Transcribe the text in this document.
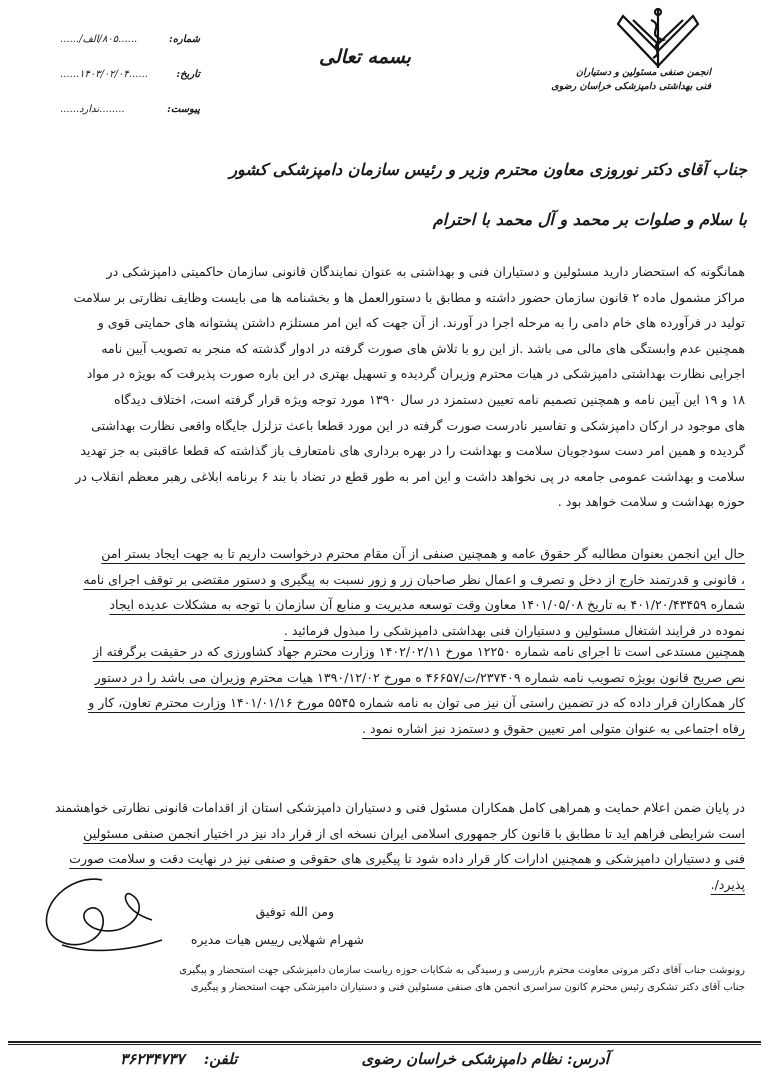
انجمن صنفی مسئولین و دستیاران
فنی بهداشتی دامپزشکی خراسان رضوی
بسمه تعالی
شماره:
......۸۰۵/الف/......
تاریخ:
......۱۴۰۳/۰۲/۰۴......
پیوست:
........ندارد......
جناب آقای دکتر نوروزی معاون محترم وزیر و رئیس سازمان دامپزشکی کشور
با سلام و صلوات بر محمد و آل محمد با احترام
همانگونه که استحضار دارید مسئولین و دستیاران فنی و بهداشتی به عنوان نمایندگان قانونی سازمان حاکمیتی دامپزشکی در
مراکز مشمول ماده ۲ قانون سازمان حضور داشته و مطابق با دستورالعمل ها و بخشنامه ها می بایست وظایف نظارتی بر سلامت
تولید در فرآورده های خام دامی را به مرحله اجرا در آورند. از آن جهت که این امر مستلزم داشتن پشتوانه های حمایتی قوی و
همچنین عدم وابستگی های مالی می باشد .از این رو با تلاش های صورت گرفته در ادوار گذشته که منجر به تصویب آیین نامه
اجرایی نظارت بهداشتی دامپزشکی در هیات محترم وزیران گردیده و تسهیل بهتری در این باره صورت پذیرفت که بویژه در مواد
۱۸ و ۱۹ این آیین نامه و همچنین تصمیم نامه تعیین دستمزد در سال ۱۳۹۰ مورد توجه ویژه قرار گرفته است، اختلاف دیدگاه
های موجود در ارکان دامپزشکی و تفاسیر نادرست صورت گرفته در این مورد قطعا باعث تزلزل جایگاه واقعی نظارت بهداشتی
گردیده و همین امر دست سودجویان سلامت و بهداشت را در بهره برداری های نامتعارف باز گذاشته که قطعا عاقبتی به جز تهدید
سلامت و بهداشت عمومی جامعه در پی نخواهد داشت و این امر به طور قطع در تضاد با بند ۶ برنامه ابلاغی رهبر معظم انقلاب در
حوزه بهداشت و سلامت خواهد بود .
حال این انجمن بعنوان مطالبه گر حقوق عامه و همچنین صنفی از آن مقام محترم درخواست داریم تا به جهت ایجاد بستر امن
، قانونی و قدرتمند خارج از دخل و تصرف و اعمال نظر صاحبان زر و زور نسبت به پیگیری و دستور مقتضی بر توقف اجرای نامه
شماره ۴۰۱/۲۰/۴۳۴۵۹ به تاریخ ۱۴۰۱/۰۵/۰۸ معاون وقت توسعه مدیریت و منابع آن سازمان با توجه به مشکلات عدیده ایجاد
نموده در فرایند اشتغال مسئولین و دستیاران فنی بهداشتی دامپزشکی را مبذول فرمائید .
همچنین مستدعی است تا اجرای نامه شماره ۱۲۲۵۰ مورخ ۱۴۰۲/۰۲/۱۱ وزارت محترم جهاد کشاورزی که در حقیقت برگرفته از
نص صریح قانون بویژه تصویب نامه شماره ۲۳۷۴۰۹/ت/۴۶۶۵۷ ه مورخ ۱۳۹۰/۱۲/۰۲ هیات محترم وزیران می باشد را در دستور
کار همکاران قرار داده که در تضمین راستی آن نیز می توان به نامه شماره ۵۵۴۵ مورخ ۱۴۰۱/۰۱/۱۶ وزارت محترم تعاون، کار و
رفاه اجتماعی به عنوان متولی امر تعیین حقوق و دستمزد نیز اشاره نمود .
در پایان ضمن اعلام حمایت و همراهی کامل همکاران مسئول فنی و دستیاران دامپزشکی استان از اقدامات قانونی نظارتی خواهشمند
است شرایطی فراهم اید تا مطابق با قانون کار جمهوری اسلامی ایران نسخه ای از قرار داد نیز در اختیار انجمن صنفی مسئولین
فنی و دستیاران دامپزشکی و همچنین ادارات کار قرار داده شود تا پیگیری های حقوقی و صنفی نیز در نهایت دقت و سلامت صورت
پذیرد/.
ومن الله توفیق
شهرام شهلایی رییس هیات مدیره
رونوشت جناب آقای دکتر مروتی معاونت محترم بازرسی و رسیدگی به شکایات حوزه ریاست سازمان دامپزشکی جهت استحضار و پیگیری
جناب آقای دکتر تشکری رئیس محترم کانون سراسری انجمن های صنفی مسئولین فنی و دستیاران دامپزشکی جهت استحضار و پیگیری
آدرس: نظام دامپزشکی خراسان رضوی
تلفن: ۳۶۲۳۴۷۳۷
